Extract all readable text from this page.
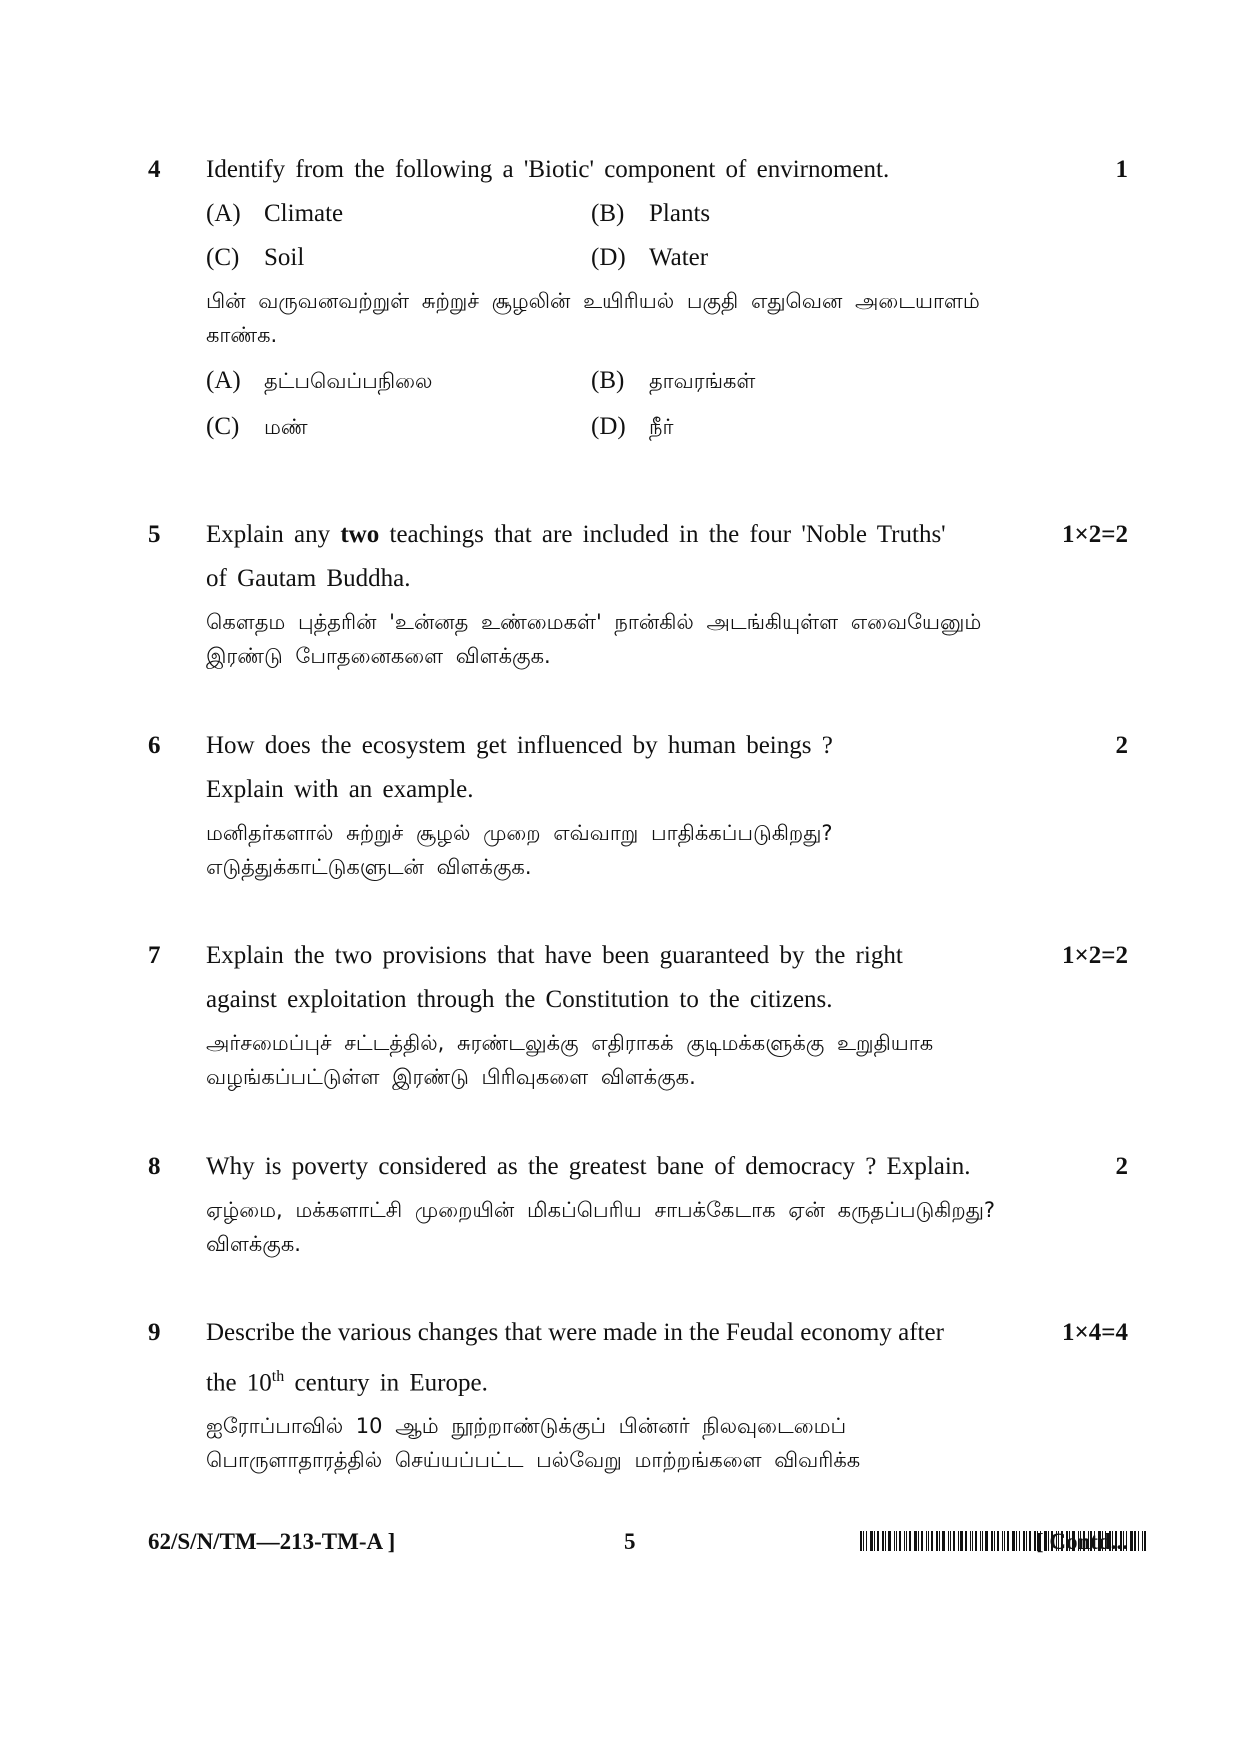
4 Identify from the following a 'Biotic' component of envirnoment.

(A) Climate	(B) Plants
(C) Soil	(D) Water

பின் வருவனவற்றுள் சுற்றுச் சூழலின் உயிரியல் பகுதி எதுவென அடையாளம்
காண்க.

(A) தட்பவெப்பநிலை	(B) தாவரங்கள்
(C) மண்	(D) நீர்
1
5 Explain any two teachings that are included in the four 'Noble Truths'

of Gautam Buddha.

கௌதம புத்தரின் 'உன்னத உண்மைகள்' நான்கில் அடங்கியுள்ள எவையேனும்
இரண்டு போதனைகளை விளக்குக.

1×2=2
6 How does the ecosystem get influenced by human beings ?

Explain with an example.

மனிதர்களால் சுற்றுச் சூழல் முறை எவ்வாறு பாதிக்கப்படுகிறது?
எடுத்துக்காட்டுகளுடன் விளக்குக.

2
7 Explain the two provisions that have been guaranteed by the right

against exploitation through the Constitution to the citizens.

அர்சமைப்புச் சட்டத்தில், சுரண்டலுக்கு எதிராகக் குடிமக்களுக்கு உறுதியாக
வழங்கப்பட்டுள்ள இரண்டு பிரிவுகளை விளக்குக.

1×2=2
8 Why is poverty considered as the greatest bane of democracy ? Explain.

ஏழ்மை, மக்களாட்சி முறையின் மிகப்பெரிய சாபக்கேடாக ஏன் கருதப்படுகிறது?
விளக்குக.

2
9 Describe the various changes that were made in the Feudal economy after

the 10th century in Europe.

ஐரோப்பாவில் 10 ஆம் நூற்றாண்டுக்குப் பின்னர் நிலவுடைமைப்
பொருளாதாரத்தில் செய்யப்பட்ட பல்வேறு மாற்றங்களை விவரிக்க

1×4=4
62/S/N/TM—213-TM-A ]	5	[ Contd...
